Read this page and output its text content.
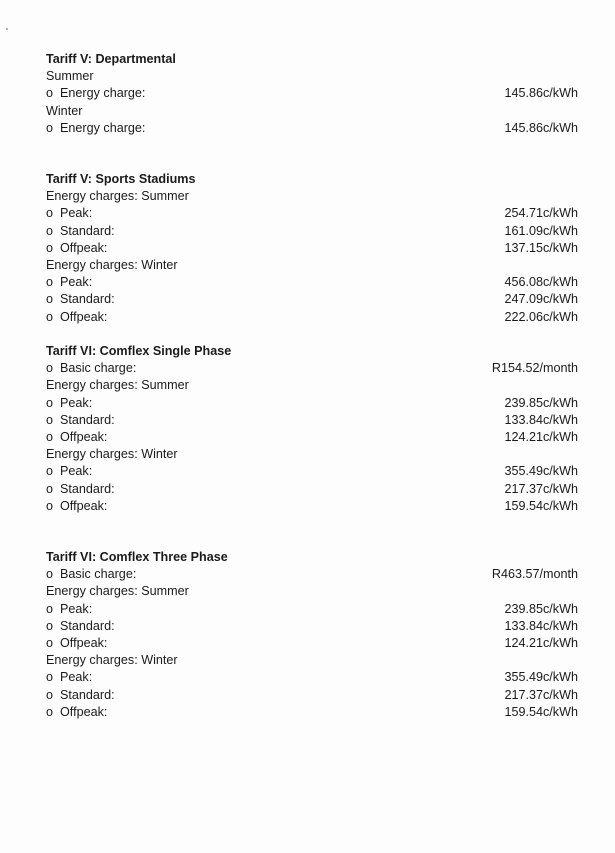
Tariff V: Departmental
Summer
o  Energy charge:	145.86c/kWh
Winter
o  Energy charge:	145.86c/kWh
Tariff V: Sports Stadiums
Energy charges: Summer
o  Peak:	254.71c/kWh
o  Standard:	161.09c/kWh
o  Offpeak:	137.15c/kWh
Energy charges: Winter
o  Peak:	456.08c/kWh
o  Standard:	247.09c/kWh
o  Offpeak:	222.06c/kWh
Tariff VI: Comflex Single Phase
o  Basic charge:	R154.52/month
Energy charges: Summer
o  Peak:	239.85c/kWh
o  Standard:	133.84c/kWh
o  Offpeak:	124.21c/kWh
Energy charges: Winter
o  Peak:	355.49c/kWh
o  Standard:	217.37c/kWh
o  Offpeak:	159.54c/kWh
Tariff VI: Comflex Three Phase
o  Basic charge:	R463.57/month
Energy charges: Summer
o  Peak:	239.85c/kWh
o  Standard:	133.84c/kWh
o  Offpeak:	124.21c/kWh
Energy charges: Winter
o  Peak:	355.49c/kWh
o  Standard:	217.37c/kWh
o  Offpeak:	159.54c/kWh
